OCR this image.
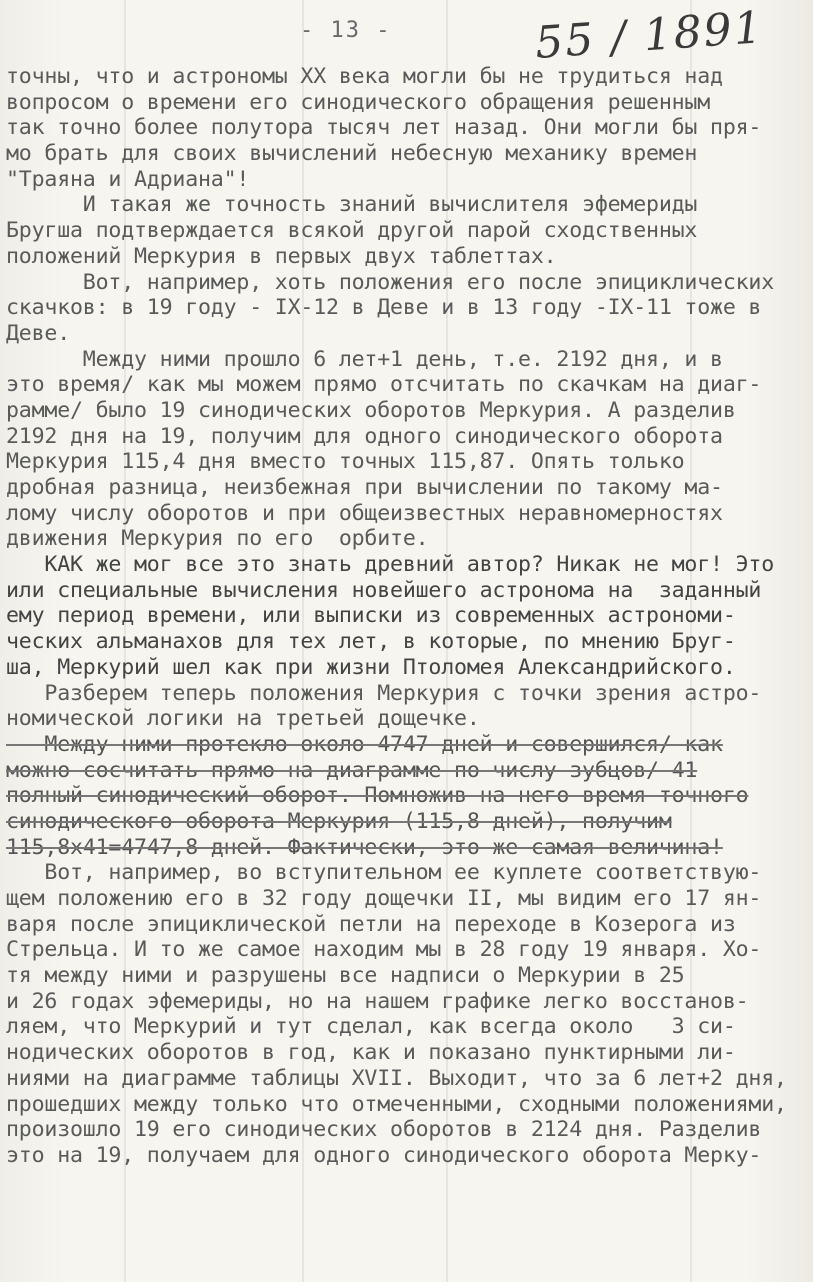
- 13 -	55 / 1891
точны, что и астрономы XX века могли бы не трудиться над
вопросом о времени его синодического обращения решенным
так точно более полутора тысяч лет назад. Они могли бы пря-
мо брать для своих вычислений небесную механику времен
"Траяна и Адриана"!
И такая же точность знаний вычислителя эфемериды
Бругша подтверждается всякой другой парой сходственных
положений Меркурия в первых двух таблеттах.
Вот, например, хоть положения его после эпициклических
скачков: в 19 году - IX-12 в Деве и в 13 году -IX-11 тоже в
Деве.
Между ними прошло 6 лет+1 день, т.е. 2192 дня, и в
это время/ как мы можем прямо отсчитать по скачкам на диаг-
рамме/ было 19 синодических оборотов Меркурия. А разделив
2192 дня на 19, получим для одного синодического оборота
Меркурия 115,4 дня вместо точных 115,87. Опять только
дробная разница, неизбежная при вычислении по такому ма-
лому числу оборотов и при общеизвестных неравномерностях
движения Меркурия по его  орбите.
КАК же мог все это знать древний автор? Никак не мог! Это
или специальные вычисления новейшего астронома на  заданный
ему период времени, или выписки из современных астрономи-
ческих альманахов для тех лет, в которые, по мнению Бруг-
ша, Меркурий шел как при жизни Птоломея Александрийского.
Разберем теперь положения Меркурия с точки зрения астро-
номической логики на третьей дощечке.
Между ними протекло около 4747 дней и совершился/ как
можно сосчитать прямо на диаграмме по числу зубцов/ 41
полный синодический оборот. Помножив на него время точного
синодического оборота Меркурия (115,8 дней), получим
115,8х41=4747,8 дней. Фактически, это же самая величина!
Вот, например, во вступительном ее куплете соответствую-
щем положению его в 32 году дощечки II, мы видим его 17 ян-
варя после эпициклической петли на переходе в Козерога из
Стрельца. И то же самое находим мы в 28 году 19 января. Хо-
тя между ними и разрушены все надписи о Меркурии в 25
и 26 годах эфемериды, но на нашем графике легко восстанов-
ляем, что Меркурий и тут сделал, как всегда около   3 си-
нодических оборотов в год, как и показано пунктирными ли-
ниями на диаграмме таблицы XVII. Выходит, что за 6 лет+2 дня,
прошедших между только что отмеченными, сходными положениями,
произошло 19 его синодических оборотов в 2124 дня. Разделив
это на 19, получаем для одного синодического оборота Мерку-
